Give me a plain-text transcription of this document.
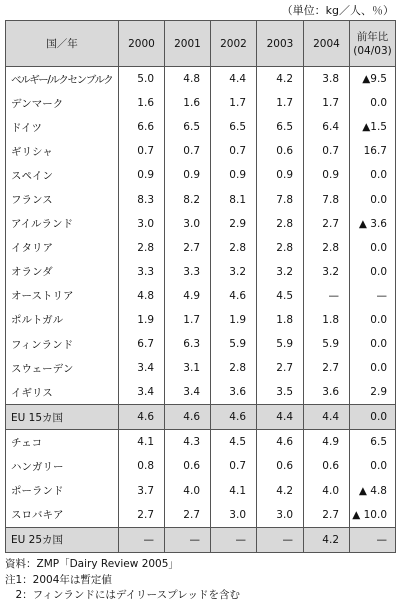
（単位：kg／人、％）
国／年	2000	2001	2002	2003	2004	前年比
(04/03)

ベルギー/ルクセンブルク	5.0	4.8	4.4	4.2	3.8	▲9.5
デンマーク	1.6	1.6	1.7	1.7	1.7	0.0
ドイツ	6.6	6.5	6.5	6.5	6.4	▲1.5
ギリシャ	0.7	0.7	0.7	0.6	0.7	16.7
スペイン	0.9	0.9	0.9	0.9	0.9	0.0
フランス	8.3	8.2	8.1	7.8	7.8	0.0
アイルランド	3.0	3.0	2.9	2.8	2.7	▲ 3.6
イタリア	2.8	2.7	2.8	2.8	2.8	0.0
オランダ	3.3	3.3	3.2	3.2	3.2	0.0
オーストリア	4.8	4.9	4.6	4.5	—	—
ポルトガル	1.9	1.7	1.9	1.8	1.8	0.0
フィンランド	6.7	6.3	5.9	5.9	5.9	0.0
スウェーデン	3.4	3.1	2.8	2.7	2.7	0.0
イギリス	3.4	3.4	3.6	3.5	3.6	2.9
EU 15カ国	4.6	4.6	4.6	4.4	4.4	0.0
チェコ	4.1	4.3	4.5	4.6	4.9	6.5
ハンガリー	0.8	0.6	0.7	0.6	0.6	0.0
ポーランド	3.7	4.0	4.1	4.2	4.0	▲ 4.8
スロバキア	2.7	2.7	3.0	3.0	2.7	▲ 10.0
EU 25カ国	—	—	—	—	4.2	—
資料：ZMP「Dairy Review 2005」
注1：2004年は暫定値
　2：フィンランドにはデイリースプレッドを含む
